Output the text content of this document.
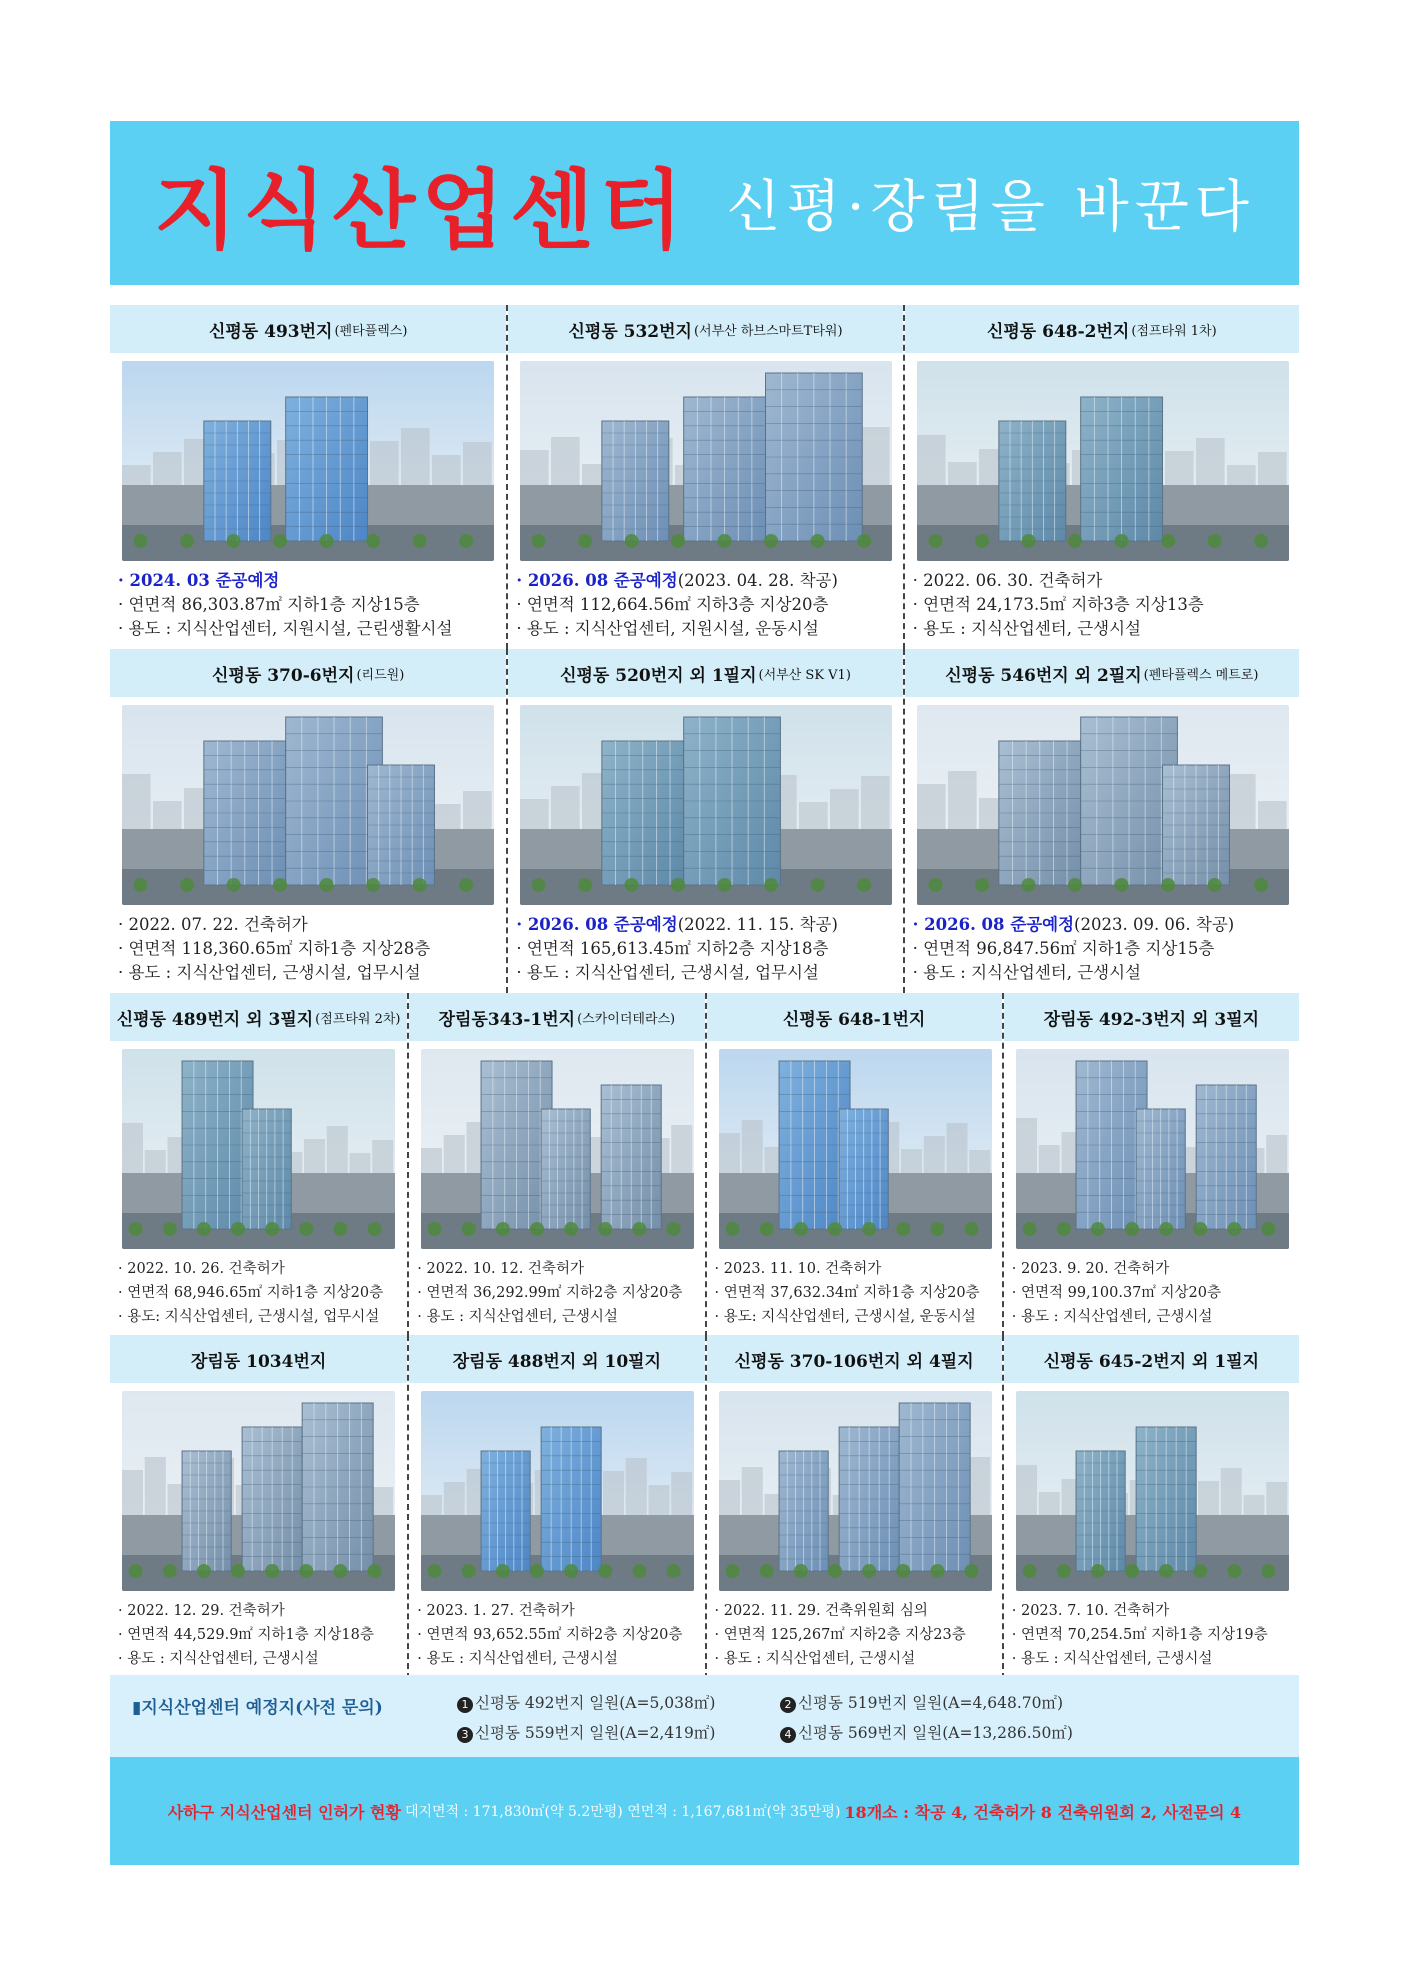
지식산업센터 신평·장림을 바꾼다
신평동 493번지 (펜타플렉스)
· 2024. 03 준공예정
· 연면적 86,303.87㎡ 지하1층 지상15층
· 용도 : 지식산업센터, 지원시설, 근린생활시설
신평동 532번지 (서부산 하브스마트T타워)
· 2026. 08 준공예정(2023. 04. 28. 착공)
· 연면적 112,664.56㎡ 지하3층 지상20층
· 용도 : 지식산업센터, 지원시설, 운동시설
신평동 648-2번지 (점프타워 1차)
· 2022. 06. 30. 건축허가
· 연면적 24,173.5㎡ 지하3층 지상13층
· 용도 : 지식산업센터, 근생시설
신평동 370-6번지 (리드원)
· 2022. 07. 22. 건축허가
· 연면적 118,360.65㎡ 지하1층 지상28층
· 용도 : 지식산업센터, 근생시설, 업무시설
신평동 520번지 외 1필지 (서부산 SK V1)
· 2026. 08 준공예정(2022. 11. 15. 착공)
· 연면적 165,613.45㎡ 지하2층 지상18층
· 용도 : 지식산업센터, 근생시설, 업무시설
신평동 546번지 외 2필지 (펜타플렉스 메트로)
· 2026. 08 준공예정(2023. 09. 06. 착공)
· 연면적 96,847.56㎡ 지하1층 지상15층
· 용도 : 지식산업센터, 근생시설
신평동 489번지 외 3필지 (점프타워 2차)
· 2022. 10. 26. 건축허가
· 연면적 68,946.65㎡ 지하1층 지상20층
· 용도: 지식산업센터, 근생시설, 업무시설
장림동343-1번지 (스카이더테라스)
· 2022. 10. 12. 건축허가
· 연면적 36,292.99㎡ 지하2층 지상20층
· 용도 : 지식산업센터, 근생시설
신평동 648-1번지
· 2023. 11. 10. 건축허가
· 연면적 37,632.34㎡ 지하1층 지상20층
· 용도: 지식산업센터, 근생시설, 운동시설
장림동 492-3번지 외 3필지
· 2023. 9. 20. 건축허가
· 연면적 99,100.37㎡ 지상20층
· 용도 : 지식산업센터, 근생시설
장림동 1034번지
· 2022. 12. 29. 건축허가
· 연면적 44,529.9㎡ 지하1층 지상18층
· 용도 : 지식산업센터, 근생시설
장림동 488번지 외 10필지
· 2023. 1. 27. 건축허가
· 연면적 93,652.55㎡ 지하2층 지상20층
· 용도 : 지식산업센터, 근생시설
신평동 370-106번지 외 4필지
· 2022. 11. 29. 건축위원회 심의
· 연면적 125,267㎡ 지하2층 지상23층
· 용도 : 지식산업센터, 근생시설
신평동 645-2번지 외 1필지
· 2023. 7. 10. 건축허가
· 연면적 70,254.5㎡ 지하1층 지상19층
· 용도 : 지식산업센터, 근생시설
▮지식산업센터 예정지(사전 문의)	1 신평동 492번지 일원(A=5,038㎡)	2 신평동 519번지 일원(A=4,648.70㎡)
3 신평동 559번지 일원(A=2,419㎡)	4 신평동 569번지 일원(A=13,286.50㎡)
사하구 지식산업센터 인허가 현황 대지면적 : 171,830㎡(약 5.2만평) 연면적 : 1,167,681㎡(약 35만평) 18개소 : 착공 4, 건축허가 8 건축위원회 2, 사전문의 4
